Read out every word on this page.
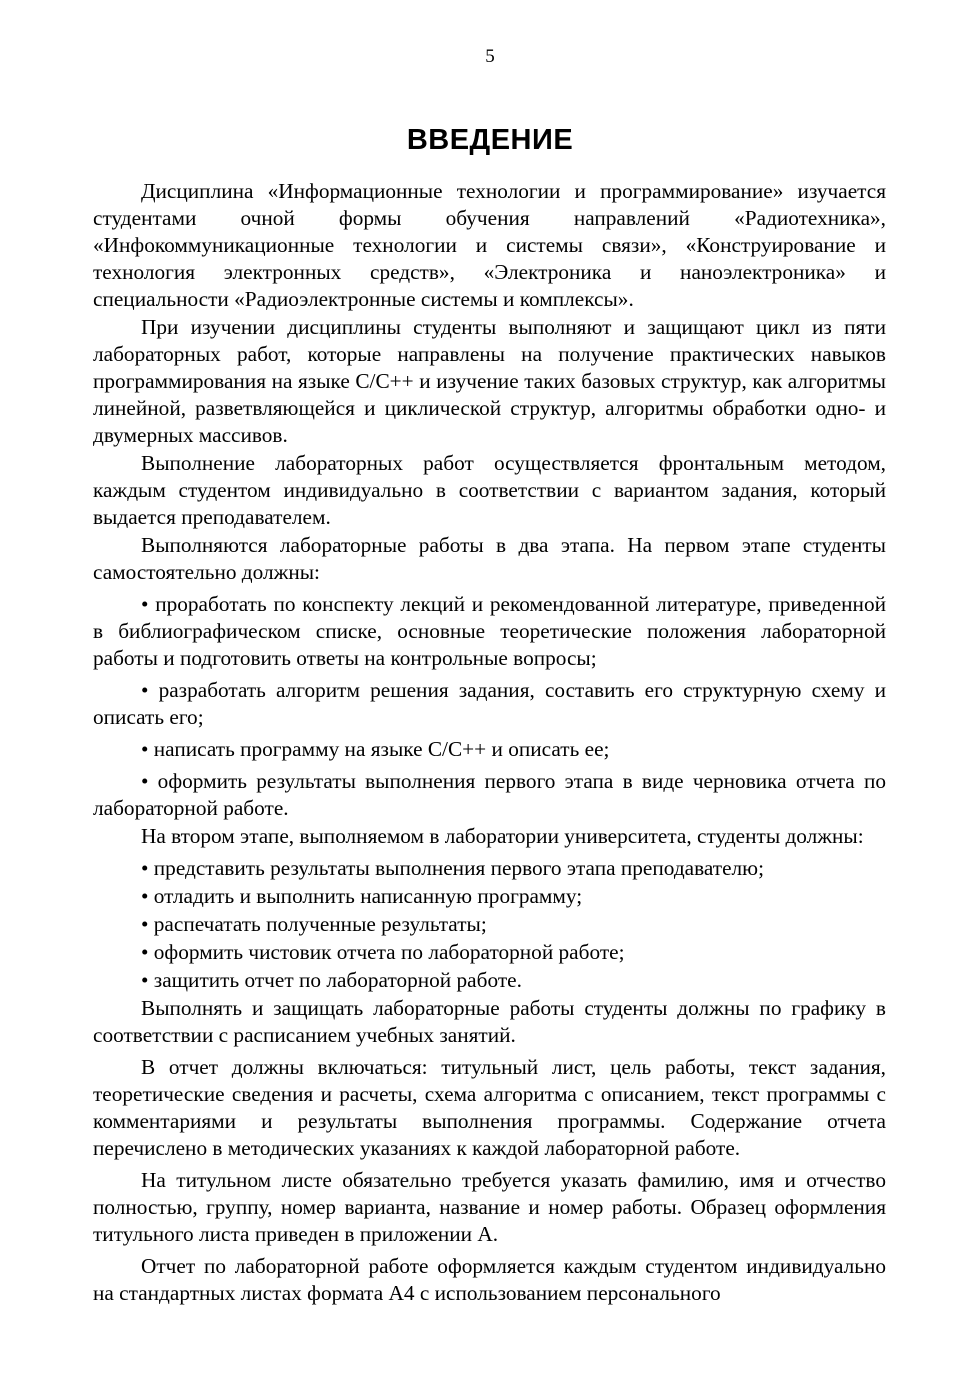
5
ВВЕДЕНИЕ

Дисциплина «Информационные технологии и программирование» изучается студентами очной формы обучения направлений «Радиотехника», «Инфокоммуникационные технологии и системы связи», «Конструирование и технология электронных средств», «Электроника и наноэлектроника» и специальности «Радиоэлектронные системы и комплексы».

При изучении дисциплины студенты выполняют и защищают цикл из пяти лабораторных работ, которые направлены на получение практических навыков программирования на языке С/С++ и изучение таких базовых структур, как алгоритмы линейной, разветвляющейся и циклической структур, алгоритмы обработки одно- и двумерных массивов.

Выполнение лабораторных работ осуществляется фронтальным методом, каждым студентом индивидуально в соответствии с вариантом задания, который выдается преподавателем.

Выполняются лабораторные работы в два этапа. На первом этапе студенты самостоятельно должны:

• проработать по конспекту лекций и рекомендованной литературе, приведенной в библиографическом списке, основные теоретические положения лабораторной работы и подготовить ответы на контрольные вопросы;

• разработать алгоритм решения задания, составить его структурную схему и описать его;

• написать программу на языке С/С++ и описать ее;

• оформить результаты выполнения первого этапа в виде черновика отчета по лабораторной работе.

На втором этапе, выполняемом в лаборатории университета, студенты должны:

• представить результаты выполнения первого этапа преподавателю;

• отладить и выполнить написанную программу;

• распечатать полученные результаты;

• оформить чистовик отчета по лабораторной работе;

• защитить отчет по лабораторной работе.

Выполнять и защищать лабораторные работы студенты должны по графику в соответствии с расписанием учебных занятий.

В отчет должны включаться: титульный лист, цель работы, текст задания, теоретические сведения и расчеты, схема алгоритма с описанием, текст программы с комментариями и результаты выполнения программы. Содержание отчета перечислено в методических указаниях к каждой лабораторной работе.

На титульном листе обязательно требуется указать фамилию, имя и отчество полностью, группу, номер варианта, название и номер работы. Образец оформления титульного листа приведен в приложении А.

Отчет по лабораторной работе оформляется каждым студентом индивидуально на стандартных листах формата А4 с использованием персонального
